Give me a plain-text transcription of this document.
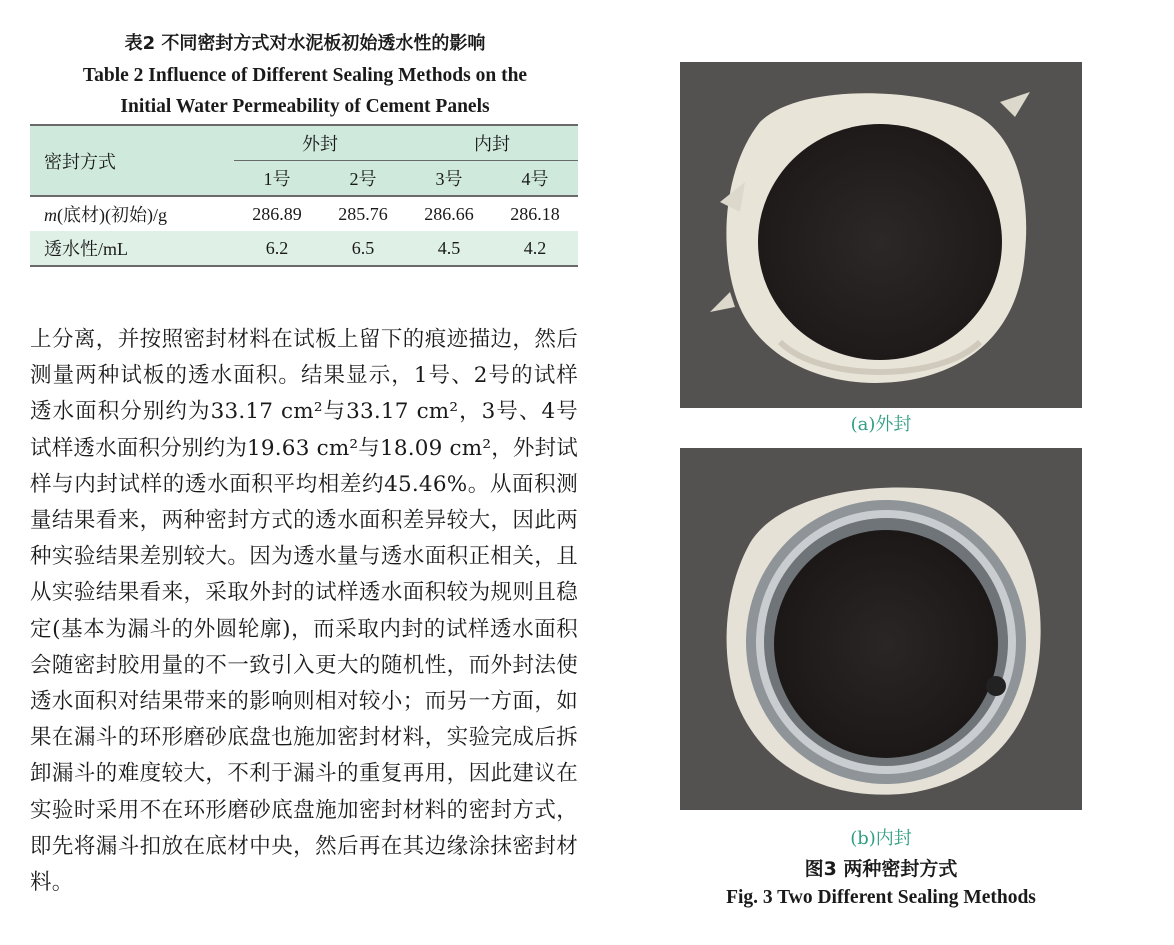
表2 不同密封方式对水泥板初始透水性的影响
Table 2 Influence of Different Sealing Methods on the
Initial Water Permeability of Cement Panels
密封方式	外封		内封	
	1号	2号	3号	4号
m(底材)(初始)/g	286.89	285.76	286.66	286.18
透水性/mL	6.2	6.5	4.5	4.2

上分离，并按照密封材料在试板上留下的痕迹描边，然后测量两种试板的透水面积。结果显示，1号、2号的试样透水面积分别约为33.17 cm²与33.17 cm²，3号、4号试样透水面积分别约为19.63 cm²与18.09 cm²，外封试样与内封试样的透水面积平均相差约45.46%。从面积测量结果看来，两种密封方式的透水面积差异较大，因此两种实验结果差别较大。因为透水量与透水面积正相关，且从实验结果看来，采取外封的试样透水面积较为规则且稳定(基本为漏斗的外圆轮廓)，而采取内封的试样透水面积会随密封胶用量的不一致引入更大的随机性，而外封法使透水面积对结果带来的影响则相对较小；而另一方面，如果在漏斗的环形磨砂底盘也施加密封材料，实验完成后拆卸漏斗的难度较大，不利于漏斗的重复再用，因此建议在实验时采用不在环形磨砂底盘施加密封材料的密封方式，即先将漏斗扣放在底材中央，然后再在其边缘涂抹密封材料。

(a)外封
(b)内封
图3 两种密封方式
Fig. 3 Two Different Sealing Methods
